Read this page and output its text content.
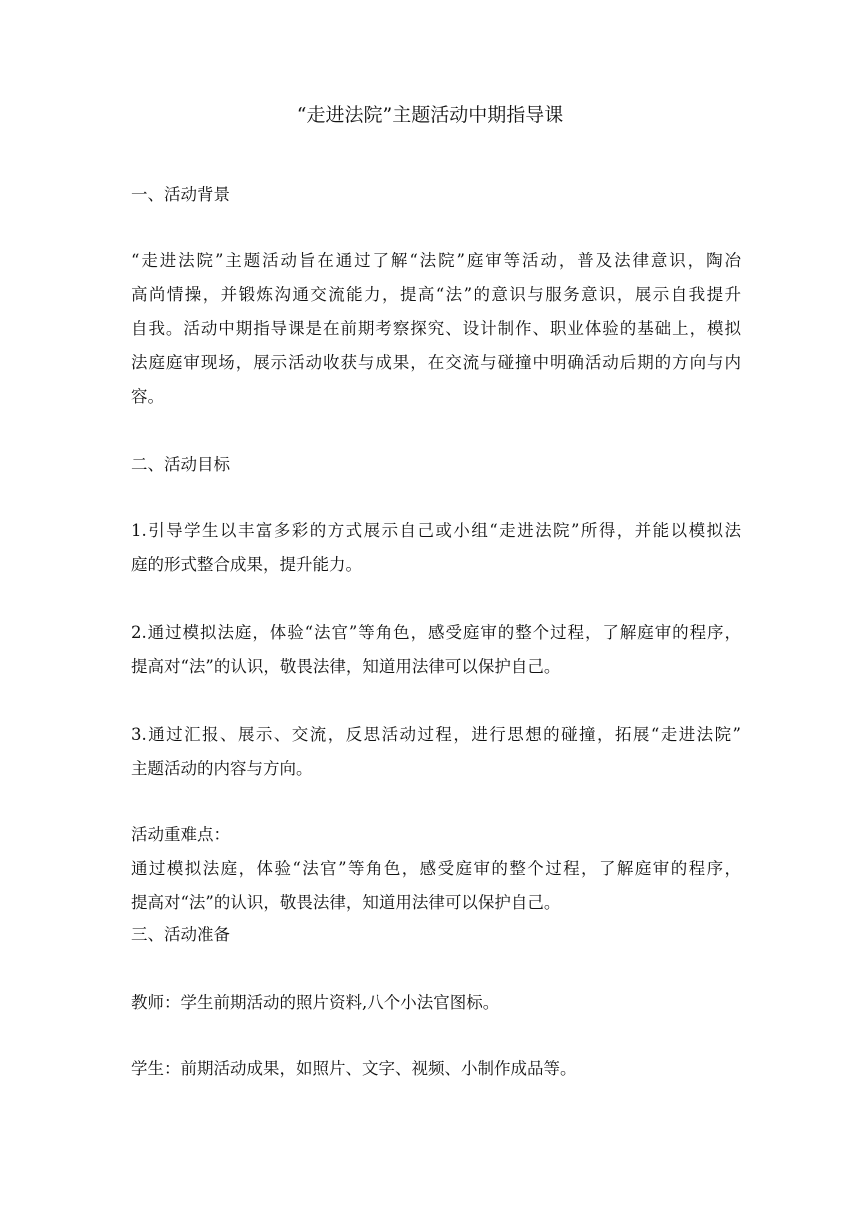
“走进法院”主题活动中期指导课
一、活动背景
“走进法院”主题活动旨在通过了解“法院”庭审等活动，普及法律意识，陶冶
高尚情操，并锻炼沟通交流能力，提高“法”的意识与服务意识，展示自我提升
自我。活动中期指导课是在前期考察探究、设计制作、职业体验的基础上，模拟
法庭庭审现场，展示活动收获与成果，在交流与碰撞中明确活动后期的方向与内
容。
二、活动目标
1.引导学生以丰富多彩的方式展示自己或小组“走进法院”所得，并能以模拟法
庭的形式整合成果，提升能力。
2.通过模拟法庭，体验“法官”等角色，感受庭审的整个过程，了解庭审的程序，
提高对“法”的认识，敬畏法律，知道用法律可以保护自己。
3.通过汇报、展示、交流，反思活动过程，进行思想的碰撞，拓展“走进法院”
主题活动的内容与方向。
活动重难点：
通过模拟法庭，体验“法官”等角色，感受庭审的整个过程，了解庭审的程序，
提高对“法”的认识，敬畏法律，知道用法律可以保护自己。
三、活动准备
教师：学生前期活动的照片资料,八个小法官图标。
学生：前期活动成果，如照片、文字、视频、小制作成品等。
